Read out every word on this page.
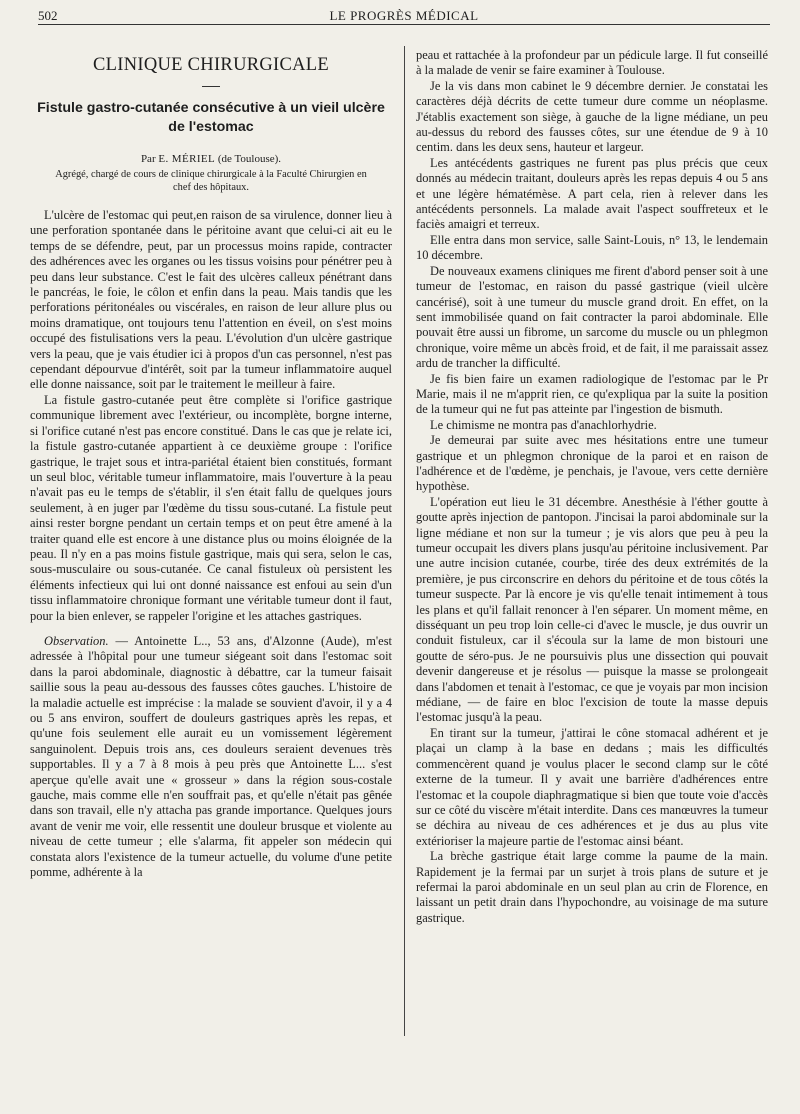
502	LE PROGRÈS MÉDICAL
CLINIQUE CHIRURGICALE
Fistule gastro-cutanée consécutive à un vieil ulcère de l'estomac
Par E. MÉRIEL (de Toulouse).
Agrégé, chargé de cours de clinique chirurgicale à la Faculté Chirurgien en chef des hôpitaux.

L'ulcère de l'estomac qui peut,en raison de sa virulence, donner lieu à une perforation spontanée dans le péritoine avant que celui-ci ait eu le temps de se défendre, peut, par un processus moins rapide, contracter des adhérences avec les organes ou les tissus voisins pour pénétrer peu à peu dans leur substance. C'est le fait des ulcères calleux pénétrant dans le pancréas, le foie, le côlon et enfin dans la peau. Mais tandis que les perforations péritonéales ou viscérales, en raison de leur allure plus ou moins dramatique, ont toujours tenu l'attention en éveil, on s'est moins occupé des fistulisations vers la peau. L'évolution d'un ulcère gastrique vers la peau, que je vais étudier ici à propos d'un cas personnel, n'est pas cependant dépourvue d'intérêt, soit par la tumeur inflammatoire auquel elle donne naissance, soit par le traitement le meilleur à faire.

La fistule gastro-cutanée peut être complète si l'orifice gastrique communique librement avec l'extérieur, ou incomplète, borgne interne, si l'orifice cutané n'est pas encore constitué. Dans le cas que je relate ici, la fistule gastro-cutanée appartient à ce deuxième groupe : l'orifice gastrique, le trajet sous et intra-pariétal étaient bien constitués, formant un seul bloc, véritable tumeur inflammatoire, mais l'ouverture à la peau n'avait pas eu le temps de s'établir, il s'en était fallu de quelques jours seulement, à en juger par l'œdème du tissu sous-cutané. La fistule peut ainsi rester borgne pendant un certain temps et on peut être amené à la traiter quand elle est encore à une distance plus ou moins éloignée de la peau. Il n'y en a pas moins fistule gastrique, mais qui sera, selon le cas, sous-musculaire ou sous-cutanée. Ce canal fistuleux où persistent les éléments infectieux qui lui ont donné naissance est enfoui au sein d'un tissu inflammatoire chronique formant une véritable tumeur dont il faut, pour la bien enlever, se rappeler l'origine et les attaches gastriques.

Observation. — Antoinette L.., 53 ans, d'Alzonne (Aude), m'est adressée à l'hôpital pour une tumeur siégeant soit dans l'estomac soit dans la paroi abdominale, diagnostic à débattre, car la tumeur faisait saillie sous la peau au-dessous des fausses côtes gauches. L'histoire de la maladie actuelle est imprécise : la malade se souvient d'avoir, il y a 4 ou 5 ans environ, souffert de douleurs gastriques après les repas, et qu'une fois seulement elle aurait eu un vomissement légèrement sanguinolent. Depuis trois ans, ces douleurs seraient devenues très supportables. Il y a 7 à 8 mois à peu près que Antoinette L... s'est aperçue qu'elle avait une « grosseur » dans la région sous-costale gauche, mais comme elle n'en souffrait pas, et qu'elle n'était pas gênée dans son travail, elle n'y attacha pas grande importance. Quelques jours avant de venir me voir, elle ressentit une douleur brusque et violente au niveau de cette tumeur ; elle s'alarma, fit appeler son médecin qui constata alors l'existence de la tumeur actuelle, du volume d'une petite pomme, adhérente à la

peau et rattachée à la profondeur par un pédicule large. Il fut conseillé à la malade de venir se faire examiner à Toulouse.

Je la vis dans mon cabinet le 9 décembre dernier. Je constatai les caractères déjà décrits de cette tumeur dure comme un néoplasme. J'établis exactement son siège, à gauche de la ligne médiane, un peu au-dessus du rebord des fausses côtes, sur une étendue de 9 à 10 centim. dans les deux sens, hauteur et largeur.

Les antécédents gastriques ne furent pas plus précis que ceux donnés au médecin traitant, douleurs après les repas depuis 4 ou 5 ans et une légère hématémèse. A part cela, rien à relever dans les antécédents personnels. La malade avait l'aspect souffreteux et le faciès amaigri et terreux.

Elle entra dans mon service, salle Saint-Louis, n° 13, le lendemain 10 décembre.

De nouveaux examens cliniques me firent d'abord penser soit à une tumeur de l'estomac, en raison du passé gastrique (vieil ulcère cancérisé), soit à une tumeur du muscle grand droit. En effet, on la sent immobilisée quand on fait contracter la paroi abdominale. Elle pouvait être aussi un fibrome, un sarcome du muscle ou un phlegmon chronique, voire même un abcès froid, et de fait, il me paraissait assez ardu de trancher la difficulté.

Je fis bien faire un examen radiologique de l'estomac par le Pr Marie, mais il ne m'apprit rien, ce qu'expliqua par la suite la position de la tumeur qui ne fut pas atteinte par l'ingestion de bismuth.

Le chimisme ne montra pas d'anachlorhydrie.

Je demeurai par suite avec mes hésitations entre une tumeur gastrique et un phlegmon chronique de la paroi et en raison de l'adhérence et de l'œdème, je penchais, je l'avoue, vers cette dernière hypothèse.

L'opération eut lieu le 31 décembre. Anesthésie à l'éther goutte à goutte après injection de pantopon. J'incisai la paroi abdominale sur la ligne médiane et non sur la tumeur ; je vis alors que peu à peu la tumeur occupait les divers plans jusqu'au péritoine inclusivement. Par une autre incision cutanée, courbe, tirée des deux extrémités de la première, je pus circonscrire en dehors du péritoine et de tous côtés la tumeur suspecte. Par là encore je vis qu'elle tenait intimement à tous les plans et qu'il fallait renoncer à l'en séparer. Un moment même, en disséquant un peu trop loin celle-ci d'avec le muscle, je dus ouvrir un conduit fistuleux, car il s'écoula sur la lame de mon bistouri une goutte de séro-pus. Je ne poursuivis plus une dissection qui pouvait devenir dangereuse et je résolus — puisque la masse se prolongeait dans l'abdomen et tenait à l'estomac, ce que je voyais par mon incision médiane, — de faire en bloc l'excision de toute la masse depuis l'estomac jusqu'à la peau.

En tirant sur la tumeur, j'attirai le cône stomacal adhérent et je plaçai un clamp à la base en dedans ; mais les difficultés commencèrent quand je voulus placer le second clamp sur le côté externe de la tumeur. Il y avait une barrière d'adhérences entre l'estomac et la coupole diaphragmatique si bien que toute voie d'accès sur ce côté du viscère m'était interdite. Dans ces manœuvres la tumeur se déchira au niveau de ces adhérences et je dus au plus vite extérioriser la majeure partie de l'estomac ainsi béant.

La brèche gastrique était large comme la paume de la main. Rapidement je la fermai par un surjet à trois plans de suture et je refermai la paroi abdominale en un seul plan au crin de Florence, en laissant un petit drain dans l'hypochondre, au voisinage de ma suture gastrique.
